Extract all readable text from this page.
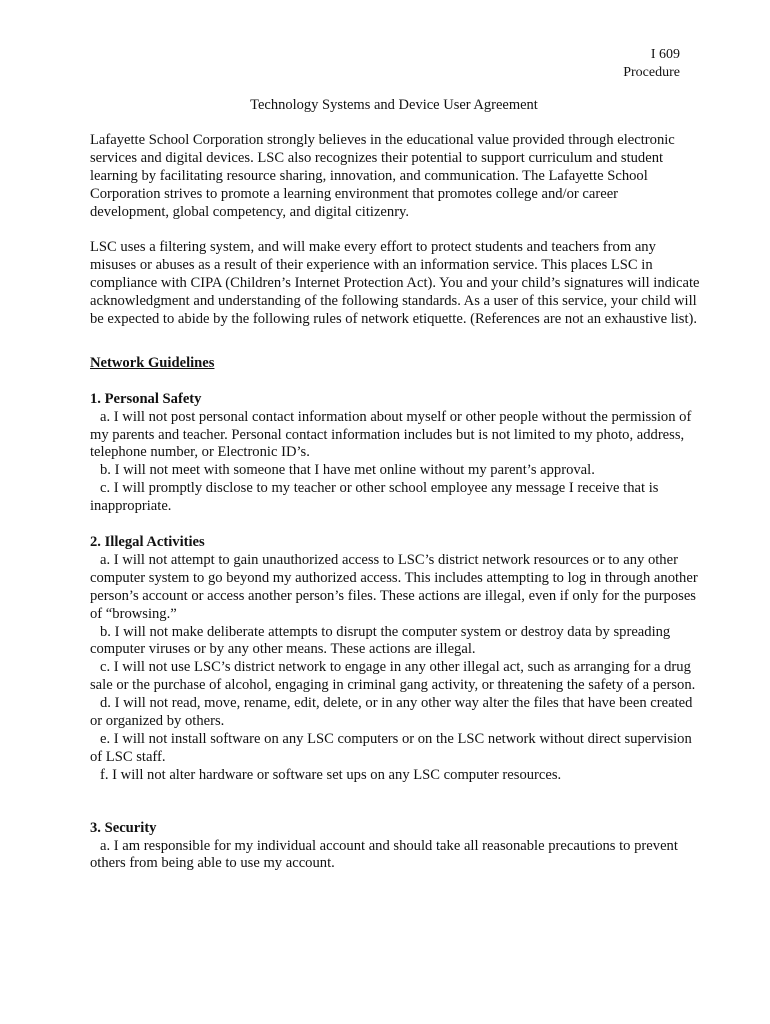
I 609
Procedure
Technology Systems and Device User Agreement

Lafayette School Corporation strongly believes in the educational value provided through electronic services and digital devices. LSC also recognizes their potential to support curriculum and student learning by facilitating resource sharing, innovation, and communication. The Lafayette School Corporation strives to promote a learning environment that promotes college and/or career development, global competency, and digital citizenry.

LSC uses a filtering system, and will make every effort to protect students and teachers from any misuses or abuses as a result of their experience with an information service. This places LSC in compliance with CIPA (Children’s Internet Protection Act). You and your child’s signatures will indicate acknowledgment and understanding of the following standards. As a user of this service, your child will be expected to abide by the following rules of network etiquette. (References are not an exhaustive list).

Network Guidelines

1. Personal Safety

a. I will not post personal contact information about myself or other people without the permission of my parents and teacher. Personal contact information includes but is not limited to my photo, address, telephone number, or Electronic ID’s.

b. I will not meet with someone that I have met online without my parent’s approval.

c. I will promptly disclose to my teacher or other school employee any message I receive that is inappropriate.

2. Illegal Activities

a. I will not attempt to gain unauthorized access to LSC’s district network resources or to any other computer system to go beyond my authorized access. This includes attempting to log in through another person’s account or access another person’s files. These actions are illegal, even if only for the purposes of “browsing.”

b. I will not make deliberate attempts to disrupt the computer system or destroy data by spreading computer viruses or by any other means. These actions are illegal.

c. I will not use LSC’s district network to engage in any other illegal act, such as arranging for a drug sale or the purchase of alcohol, engaging in criminal gang activity, or threatening the safety of a person.

d. I will not read, move, rename, edit, delete, or in any other way alter the files that have been created or organized by others.

e. I will not install software on any LSC computers or on the LSC network without direct supervision of LSC staff.

f. I will not alter hardware or software set ups on any LSC computer resources.

3. Security

a. I am responsible for my individual account and should take all reasonable precautions to prevent others from being able to use my account.
